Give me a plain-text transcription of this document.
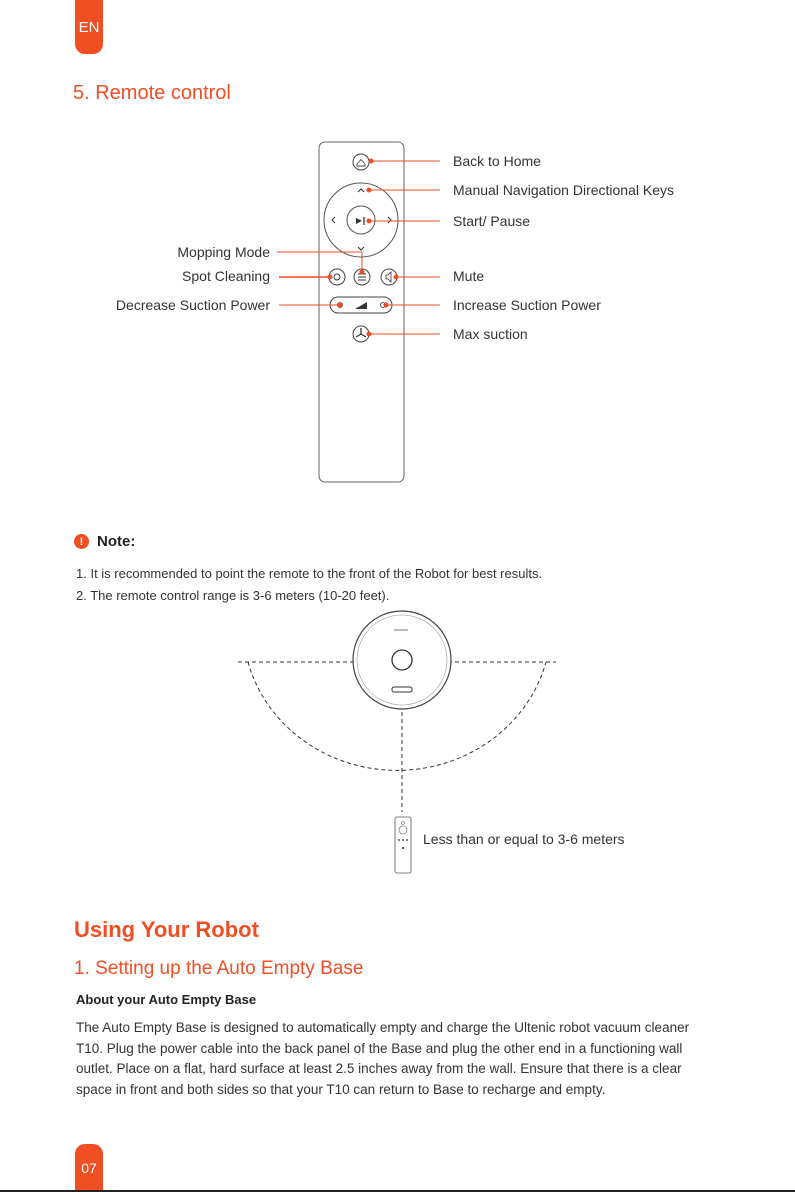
EN
5. Remote control
▶‖
Back to Home
Manual Navigation Directional Keys
Start/ Pause
Mopping Mode
Spot Cleaning	Mute
Decrease Suction Power	Increase Suction Power
Max suction
! Note:
1. It is recommended to point the remote to the front of the Robot for best results.
2. The remote control range is 3-6 meters (10-20 feet).
Less than or equal to 3-6 meters
Using Your Robot
1. Setting up the Auto Empty Base
About your Auto Empty Base
The Auto Empty Base is designed to automatically empty and charge the Ultenic robot vacuum cleaner T10. Plug the power cable into the back panel of the Base and plug the other end in a functioning wall outlet. Place on a flat, hard surface at least 2.5 inches away from the wall. Ensure that there is a clear space in front and both sides so that your T10 can return to Base to recharge and empty.
07
